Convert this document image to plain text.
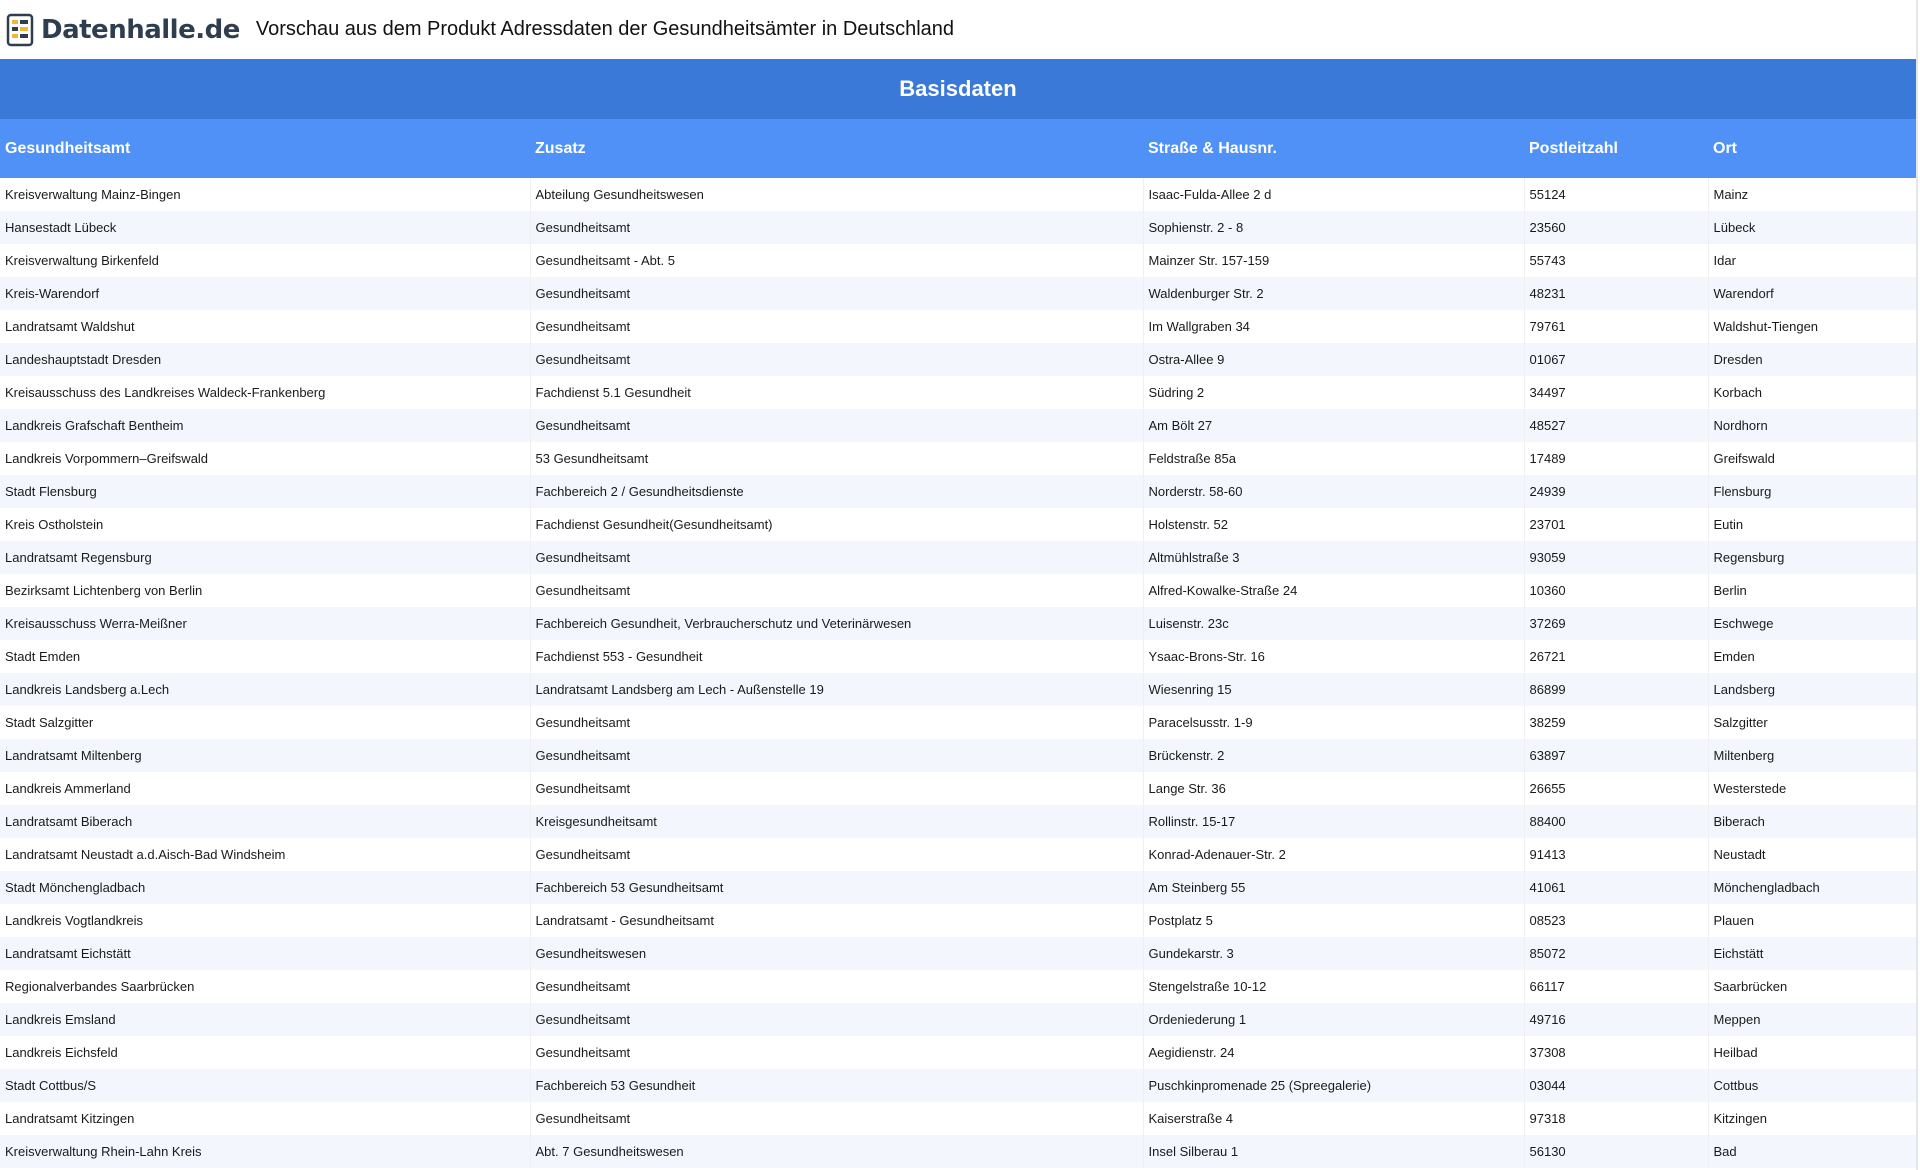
Datenhalle.de Vorschau aus dem Produkt Adressdaten der Gesundheitsämter in Deutschland
Basisdaten
Gesundheitsamt	Zusatz	Straße & Hausnr.	Postleitzahl	Ort
Kreisverwaltung Mainz-Bingen	Abteilung Gesundheitswesen	Isaac-Fulda-Allee 2 d	55124	Mainz
Hansestadt Lübeck	Gesundheitsamt	Sophienstr. 2 - 8	23560	Lübeck
Kreisverwaltung Birkenfeld	Gesundheitsamt - Abt. 5	Mainzer Str. 157-159	55743	Idar
Kreis-Warendorf	Gesundheitsamt	Waldenburger Str. 2	48231	Warendorf
Landratsamt Waldshut	Gesundheitsamt	Im Wallgraben 34	79761	Waldshut-Tiengen
Landeshauptstadt Dresden	Gesundheitsamt	Ostra-Allee 9	01067	Dresden
Kreisausschuss des Landkreises Waldeck-Frankenberg	Fachdienst 5.1 Gesundheit	Südring 2	34497	Korbach
Landkreis Grafschaft Bentheim	Gesundheitsamt	Am Bölt 27	48527	Nordhorn
Landkreis Vorpommern–Greifswald	53 Gesundheitsamt	Feldstraße 85a	17489	Greifswald
Stadt Flensburg	Fachbereich 2 / Gesundheitsdienste	Norderstr. 58-60	24939	Flensburg
Kreis Ostholstein	Fachdienst Gesundheit(Gesundheitsamt)	Holstenstr. 52	23701	Eutin
Landratsamt Regensburg	Gesundheitsamt	Altmühlstraße 3	93059	Regensburg
Bezirksamt Lichtenberg von Berlin	Gesundheitsamt	Alfred-Kowalke-Straße 24	10360	Berlin
Kreisausschuss Werra-Meißner	Fachbereich Gesundheit, Verbraucherschutz und Veterinärwesen	Luisenstr. 23c	37269	Eschwege
Stadt Emden	Fachdienst 553 - Gesundheit	Ysaac-Brons-Str. 16	26721	Emden
Landkreis Landsberg a.Lech	Landratsamt Landsberg am Lech - Außenstelle 19	Wiesenring 15	86899	Landsberg
Stadt Salzgitter	Gesundheitsamt	Paracelsusstr. 1-9	38259	Salzgitter
Landratsamt Miltenberg	Gesundheitsamt	Brückenstr. 2	63897	Miltenberg
Landkreis Ammerland	Gesundheitsamt	Lange Str. 36	26655	Westerstede
Landratsamt Biberach	Kreisgesundheitsamt	Rollinstr. 15-17	88400	Biberach
Landratsamt Neustadt a.d.Aisch-Bad Windsheim	Gesundheitsamt	Konrad-Adenauer-Str. 2	91413	Neustadt
Stadt Mönchengladbach	Fachbereich 53 Gesundheitsamt	Am Steinberg 55	41061	Mönchengladbach
Landkreis Vogtlandkreis	Landratsamt - Gesundheitsamt	Postplatz 5	08523	Plauen
Landratsamt Eichstätt	Gesundheitswesen	Gundekarstr. 3	85072	Eichstätt
Regionalverbandes Saarbrücken	Gesundheitsamt	Stengelstraße 10-12	66117	Saarbrücken
Landkreis Emsland	Gesundheitsamt	Ordeniederung 1	49716	Meppen
Landkreis Eichsfeld	Gesundheitsamt	Aegidienstr. 24	37308	Heilbad
Stadt Cottbus/S	Fachbereich 53 Gesundheit	Puschkinpromenade 25 (Spreegalerie)	03044	Cottbus
Landratsamt Kitzingen	Gesundheitsamt	Kaiserstraße 4	97318	Kitzingen
Kreisverwaltung Rhein-Lahn Kreis	Abt. 7 Gesundheitswesen	Insel Silberau 1	56130	Bad
